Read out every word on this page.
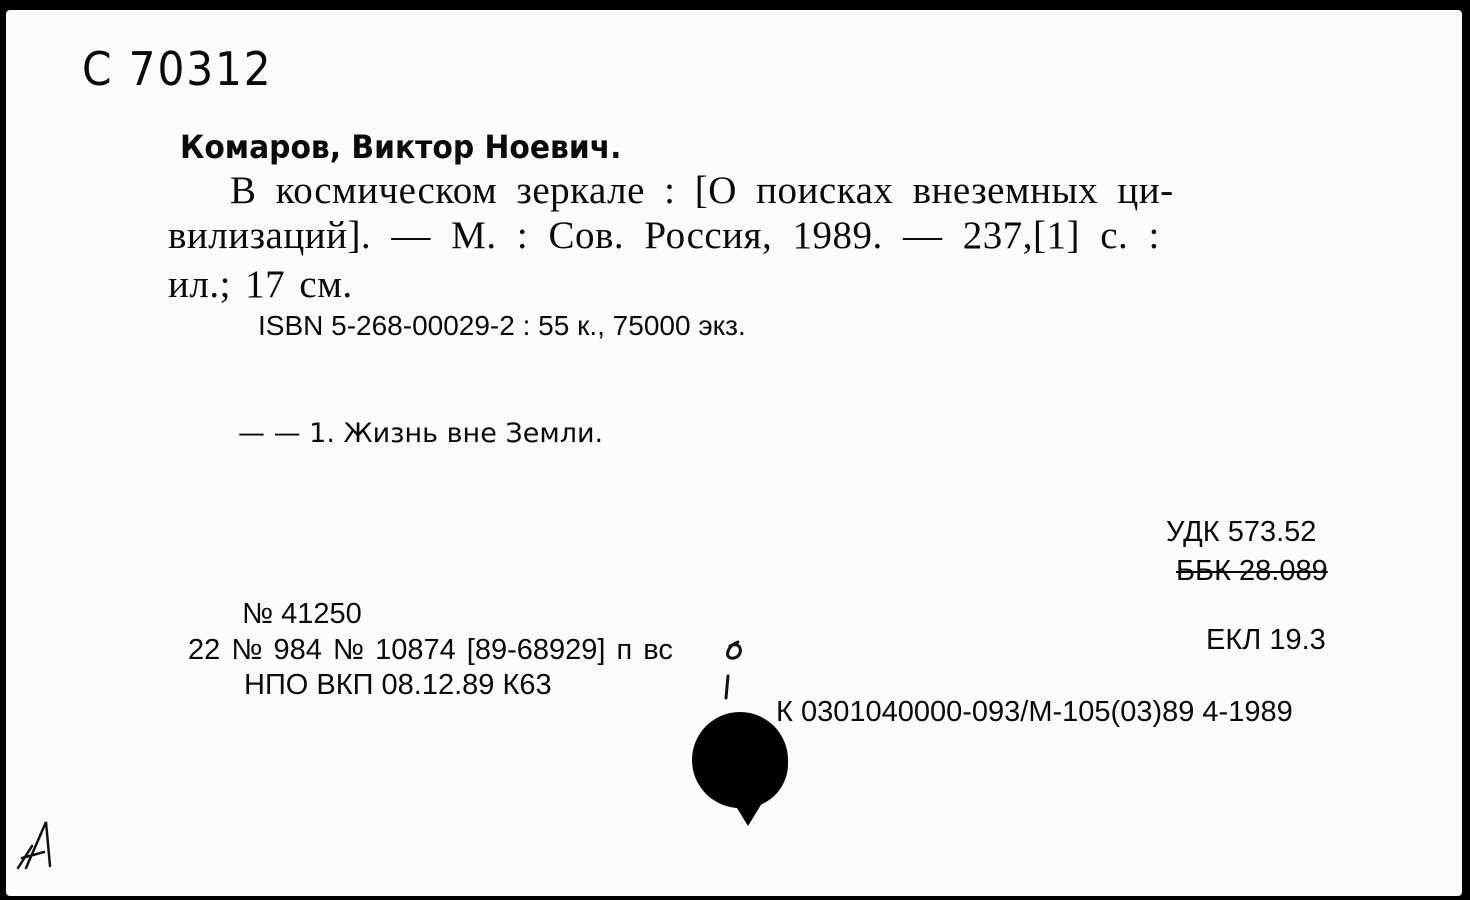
С 70312
Комаров, Виктор Ноевич.
В космическом зеркале : [О поисках внеземных ци-
вилизаций]. — М. : Сов. Россия, 1989. — 237,[1] с. :
ил.; 17 см.
ISBN 5-268-00029-2 : 55 к., 75000 экз.
— — 1. Жизнь вне Земли.
УДК 573.52
ББК 28.089
ЕКЛ 19.3
№ 41250
22 № 984 № 10874 [89-68929] п вс
НПО ВКП 08.12.89 К63
К 0301040000-093/М-105(03)89 4-1989
